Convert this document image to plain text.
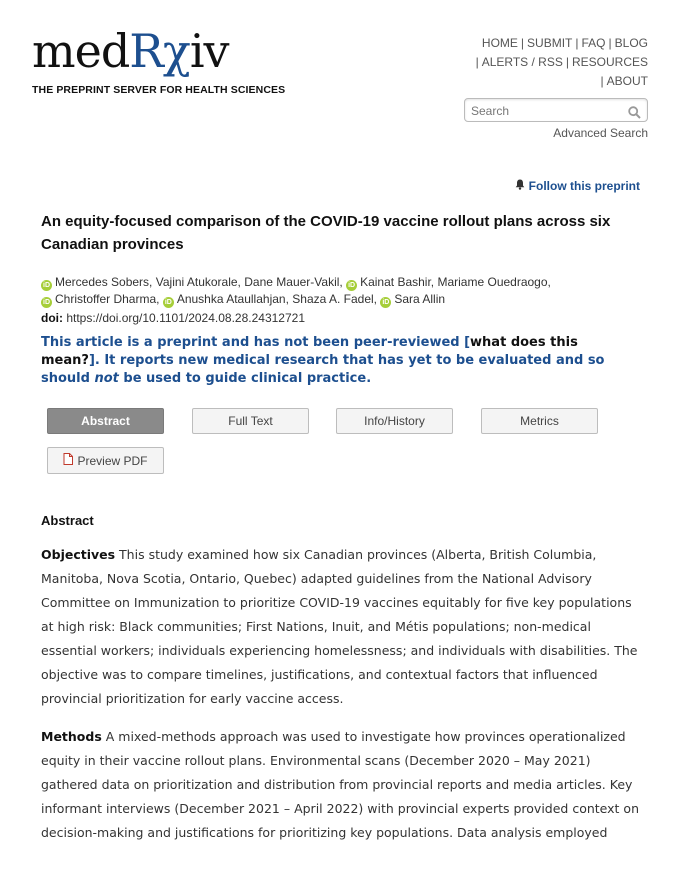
medRχiv
THE PREPRINT SERVER FOR HEALTH SCIENCES
HOME | SUBMIT | FAQ | BLOG
| ALERTS / RSS | RESOURCES
| ABOUT
Search
Advanced Search
Follow this preprint
An equity-focused comparison of the COVID-19 vaccine rollout plans across six Canadian provinces
iD Mercedes Sobers, Vajini Atukorale, Dane Mauer-Vakil, iD Kainat Bashir, Mariame Ouedraogo,
iD Christoffer Dharma, iD Anushka Ataullahjan, Shaza A. Fadel, iD Sara Allin
doi: https://doi.org/10.1101/2024.08.28.24312721
This article is a preprint and has not been peer-reviewed [what does this mean?]. It reports new medical research that has yet to be evaluated and so should not be used to guide clinical practice.
Abstract	Full Text	Info/History	Metrics
Preview PDF
Abstract

Objectives This study examined how six Canadian provinces (Alberta, British Columbia, Manitoba, Nova Scotia, Ontario, Quebec) adapted guidelines from the National Advisory Committee on Immunization to prioritize COVID-19 vaccines equitably for five key populations at high risk: Black communities; First Nations, Inuit, and Métis populations; non-medical essential workers; individuals experiencing homelessness; and individuals with disabilities. The objective was to compare timelines, justifications, and contextual factors that influenced provincial prioritization for early vaccine access.

Methods A mixed-methods approach was used to investigate how provinces operationalized equity in their vaccine rollout plans. Environmental scans (December 2020 – May 2021) gathered data on prioritization and distribution from provincial reports and media articles. Key informant interviews (December 2021 – April 2022) with provincial experts provided context on decision-making and justifications for prioritizing key populations. Data analysis employed
